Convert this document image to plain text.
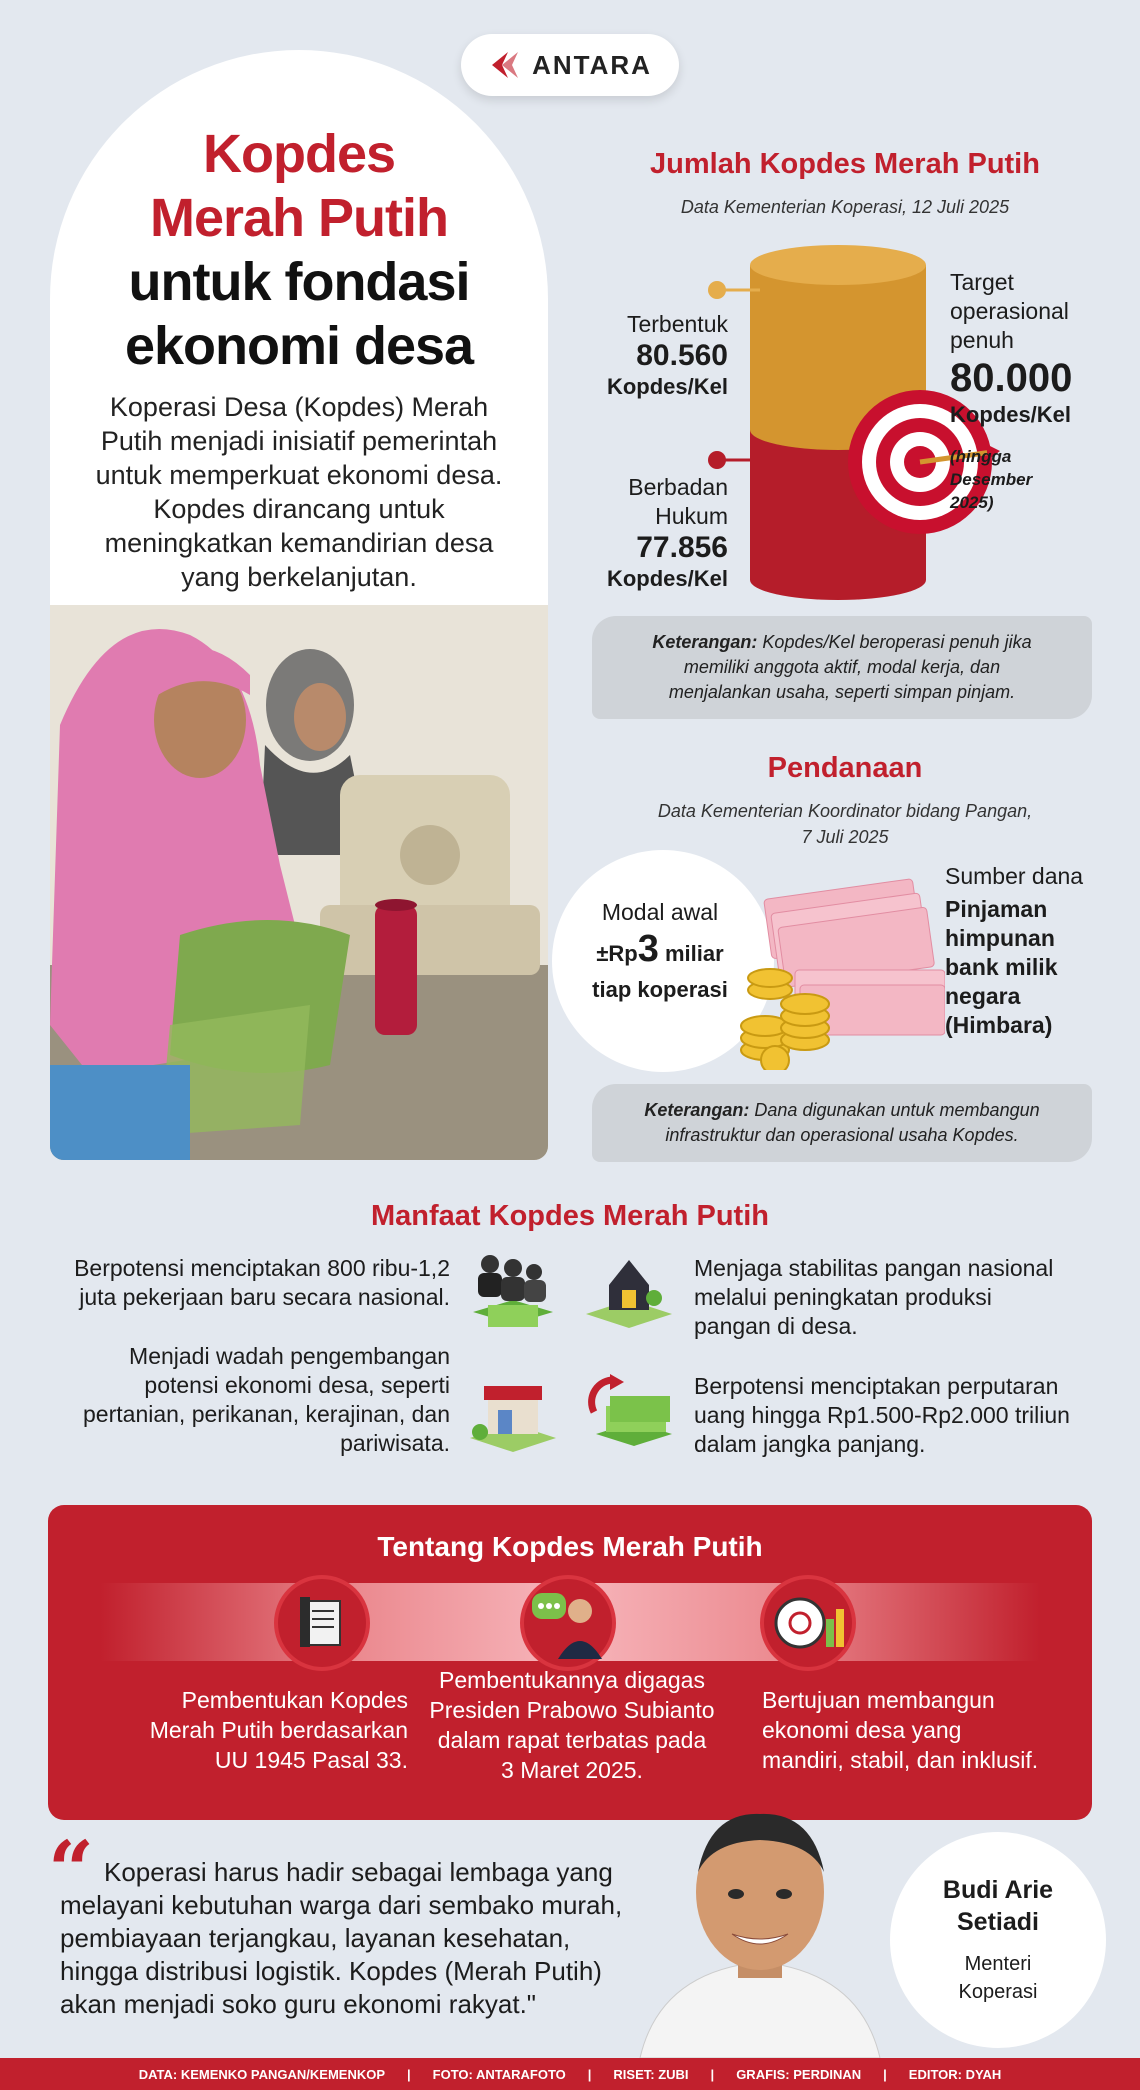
ANTARA
Kopdes
Merah Putih
untuk fondasi
ekonomi desa
Koperasi Desa (Kopdes) Merah Putih menjadi inisiatif pemerintah untuk memperkuat ekonomi desa. Kopdes dirancang untuk meningkatkan kemandirian desa yang berkelanjutan.
Jumlah Kopdes Merah Putih
Data Kementerian Koperasi, 12 Juli 2025
Terbentuk
80.560
Kopdes/Kel
Berbadan
Hukum
77.856
Kopdes/Kel
Target
operasional
penuh
80.000
Kopdes/Kel
(hingga
Desember
2025)
Keterangan: Kopdes/Kel beroperasi penuh jika memiliki anggota aktif, modal kerja, dan menjalankan usaha, seperti simpan pinjam.
Pendanaan
Data Kementerian Koordinator bidang Pangan,
7 Juli 2025
Modal awal
±Rp3 miliar
tiap koperasi
Sumber dana
Pinjaman
himpunan
bank milik
negara
(Himbara)
Keterangan: Dana digunakan untuk membangun infrastruktur dan operasional usaha Kopdes.
Manfaat Kopdes Merah Putih
Berpotensi menciptakan 800 ribu-1,2
juta pekerjaan baru secara nasional.
Menjadi wadah pengembangan
potensi ekonomi desa, seperti
pertanian, perikanan, kerajinan, dan
pariwisata.
Menjaga stabilitas pangan nasional
melalui peningkatan produksi
pangan di desa.
Berpotensi menciptakan perputaran
uang hingga Rp1.500-Rp2.000 triliun
dalam jangka panjang.
Tentang Kopdes Merah Putih
Pembentukan Kopdes
Merah Putih berdasarkan
UU 1945 Pasal 33.
Pembentukannya digagas
Presiden Prabowo Subianto
dalam rapat terbatas pada
3 Maret 2025.
Bertujuan membangun
ekonomi desa yang
mandiri, stabil, dan inklusif.
“ Koperasi harus hadir sebagai lembaga yang
melayani kebutuhan warga dari sembako murah,
pembiayaan terjangkau, layanan kesehatan,
hingga distribusi logistik. Kopdes (Merah Putih)
akan menjadi soko guru ekonomi rakyat."
Budi Arie
Setiadi
Menteri
Koperasi
DATA: KEMENKO PANGAN/KEMENKOP | FOTO: ANTARAFOTO | RISET: ZUBI | GRAFIS: PERDINAN | EDITOR: DYAH
